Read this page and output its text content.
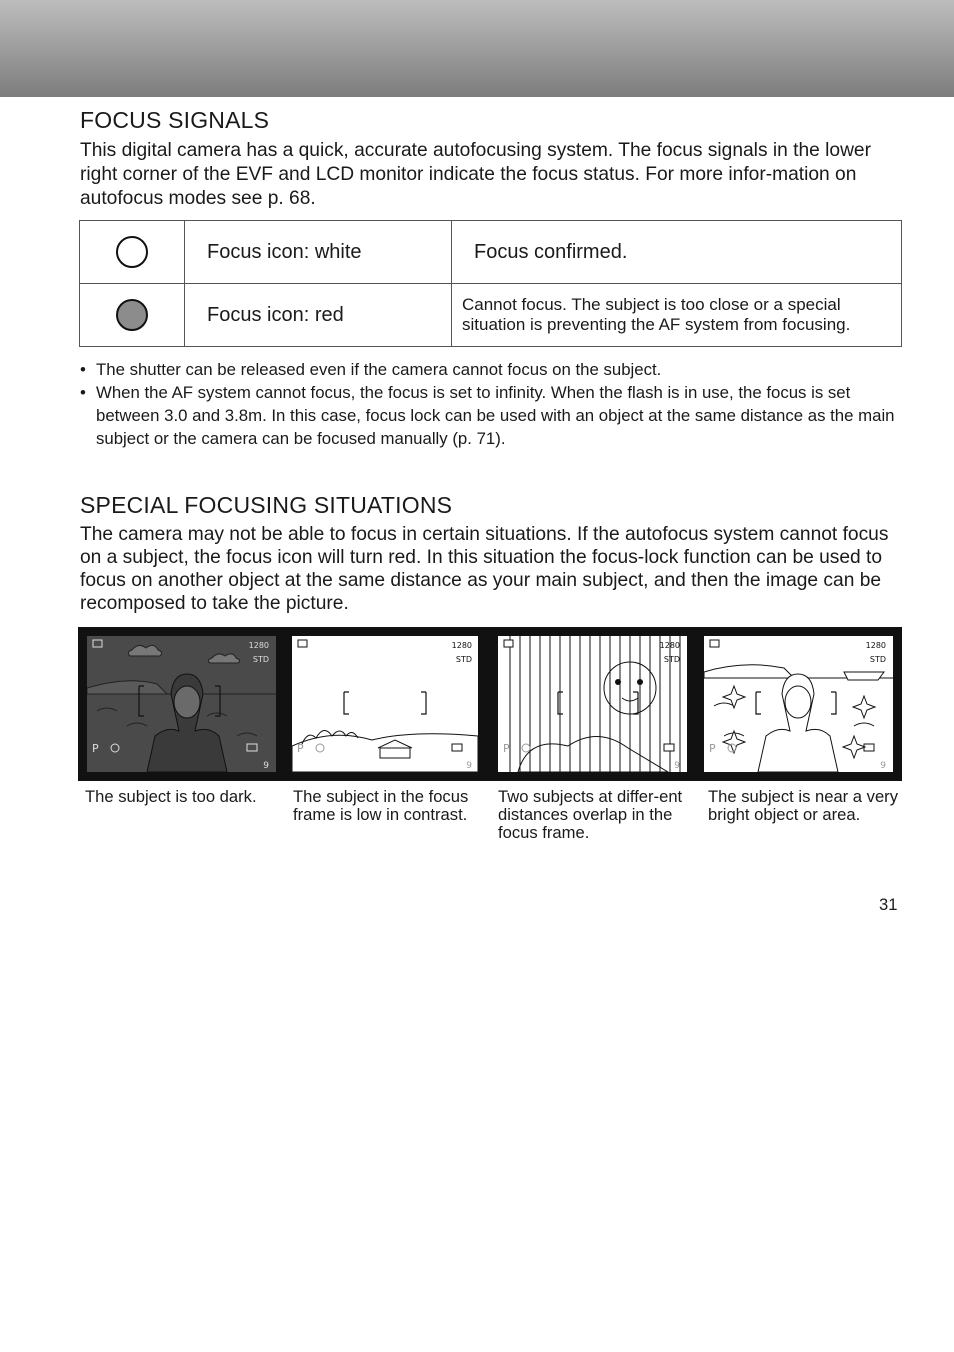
FOCUS SIGNALS

This digital camera has a quick, accurate autofocusing system. The focus signals in the lower right corner of the EVF and LCD monitor indicate the focus status. For more infor-mation on autofocus modes see p. 68.

	Focus icon: white	Focus confirmed.
	Focus icon: red	Cannot focus. The subject is too close or a special situation is preventing the AF system from focusing.
• The shutter can be released even if the camera cannot focus on the subject.
• When the AF system cannot focus, the focus is set to infinity. When the flash is in use, the focus is set between 3.0 and 3.8m. In this case, focus lock can be used with an object at the same distance as the main subject or the camera can be focused manually (p. 71).
SPECIAL FOCUSING SITUATIONS

The camera may not be able to focus in certain situations. If the autofocus system cannot focus on a subject, the focus icon will turn red. In this situation the focus-lock function can be used to focus on another object at the same distance as your main subject, and then the image can be recomposed to take the picture.

1280
STD
P
9
1280
STD
P
9
1280
STD
P
9
1280
STD
P
9

The subject is too dark.	The subject in the focus frame is low in contrast.

Two subjects at differ-ent distances overlap in the focus frame.

The subject is near a very bright object or area.

31
